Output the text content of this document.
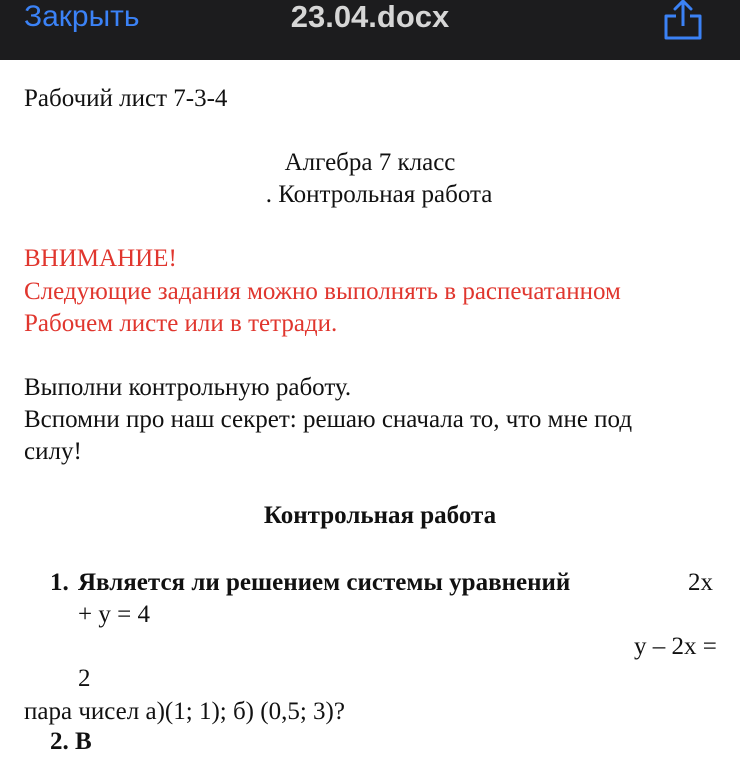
Закрыть	23.04.docx
Рабочий лист 7-3-4
Алгебра 7 класс
. Контрольная работа
ВНИМАНИЕ!
Следующие задания можно выполнять в распечатанном
Рабочем листе или в тетради.
Выполни контрольную работу.
Вспомни про наш секрет: решаю сначала то, что мне под
силу!
Контрольная работа
1. Является ли решением системы уравнений	2x
+ y = 4
y – 2x =
2
пара чисел а)(1; 1); б) (0,5; 3)?
2. В
